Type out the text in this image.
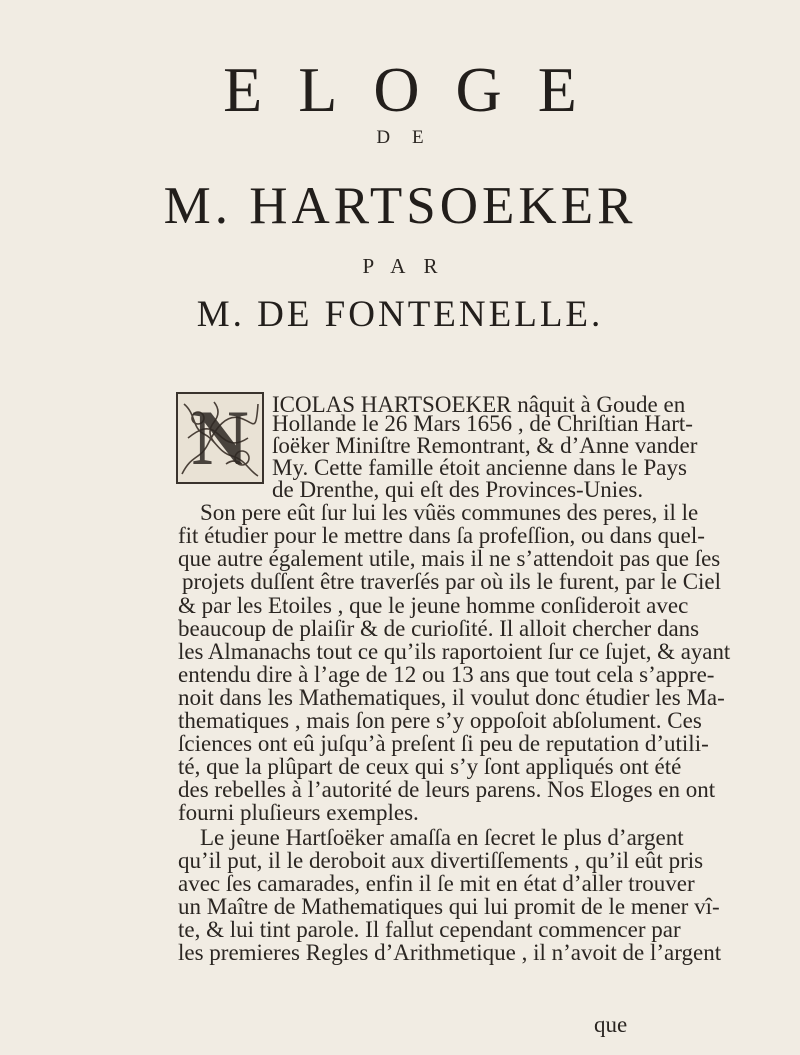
ELOGE
DE
M. HARTSOEKER
PAR
M. DE FONTENELLE.
N	ICOLAS HARTSOEKER nâquit à Goude en
Hollande le 26 Mars 1656 , de Chriſtian Hart-
ſoëker Miniſtre Remontrant, & d’Anne vander
My. Cette famille étoit ancienne dans le Pays
de Drenthe, qui eſt des Provinces-Unies.
Son pere eût ſur lui les vûës communes des peres, il le
fit étudier pour le mettre dans ſa profeſſion, ou dans quel-
que autre également utile, mais il ne s’attendoit pas que ſes
projets duſſent être traverſés par où ils le furent, par le Ciel
& par les Etoiles , que le jeune homme conſideroit avec
beaucoup de plaiſir & de curioſité. Il alloit chercher dans
les Almanachs tout ce qu’ils raportoient ſur ce ſujet, & ayant
entendu dire à l’age de 12 ou 13 ans que tout cela s’appre-
noit dans les Mathematiques, il voulut donc étudier les Ma-
thematiques , mais ſon pere s’y oppoſoit abſolument. Ces
ſciences ont eû juſqu’à preſent ſi peu de reputation d’utili-
té, que la plûpart de ceux qui s’y ſont appliqués ont été
des rebelles à l’autorité de leurs parens. Nos Eloges en ont
fourni pluſieurs exemples.
Le jeune Hartſoëker amaſſa en ſecret le plus d’argent
qu’il put, il le deroboit aux divertiſſements , qu’il eût pris
avec ſes camarades, enfin il ſe mit en état d’aller trouver
un Maître de Mathematiques qui lui promit de le mener vî-
te, & lui tint parole. Il fallut cependant commencer par
les premieres Regles d’Arithmetique , il n’avoit de l’argent
que
